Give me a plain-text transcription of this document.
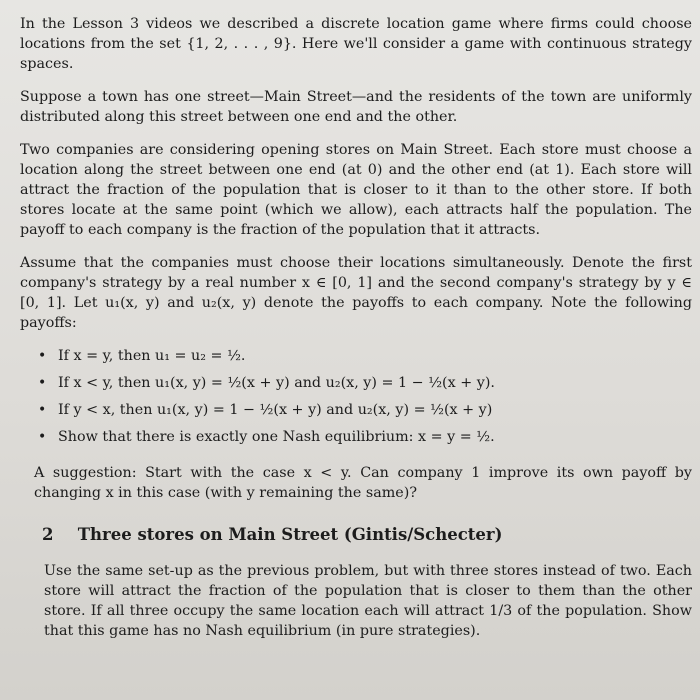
In the Lesson 3 videos we described a discrete location game where firms could choose locations from the set {1, 2, . . . , 9}. Here we'll consider a game with continuous strategy spaces.

Suppose a town has one street—Main Street—and the residents of the town are uniformly distributed along this street between one end and the other.

Two companies are considering opening stores on Main Street. Each store must choose a location along the street between one end (at 0) and the other end (at 1). Each store will attract the fraction of the population that is closer to it than to the other store. If both stores locate at the same point (which we allow), each attracts half the population. The payoff to each company is the fraction of the population that it attracts.

Assume that the companies must choose their locations simultaneously. Denote the first company's strategy by a real number x ∈ [0, 1] and the second company's strategy by y ∈ [0, 1]. Let u₁(x, y) and u₂(x, y) denote the payoffs to each company. Note the following payoffs:

• If x = y, then u₁ = u₂ = ½.
• If x < y, then u₁(x, y) = ½(x + y) and u₂(x, y) = 1 − ½(x + y).
• If y < x, then u₁(x, y) = 1 − ½(x + y) and u₂(x, y) = ½(x + y)
• Show that there is exactly one Nash equilibrium: x = y = ½.

A suggestion: Start with the case x < y. Can company 1 improve its own payoff by changing x in this case (with y remaining the same)?

2 Three stores on Main Street (Gintis/Schecter)

Use the same set-up as the previous problem, but with three stores instead of two. Each store will attract the fraction of the population that is closer to them than the other store. If all three occupy the same location each will attract 1/3 of the population. Show that this game has no Nash equilibrium (in pure strategies).
